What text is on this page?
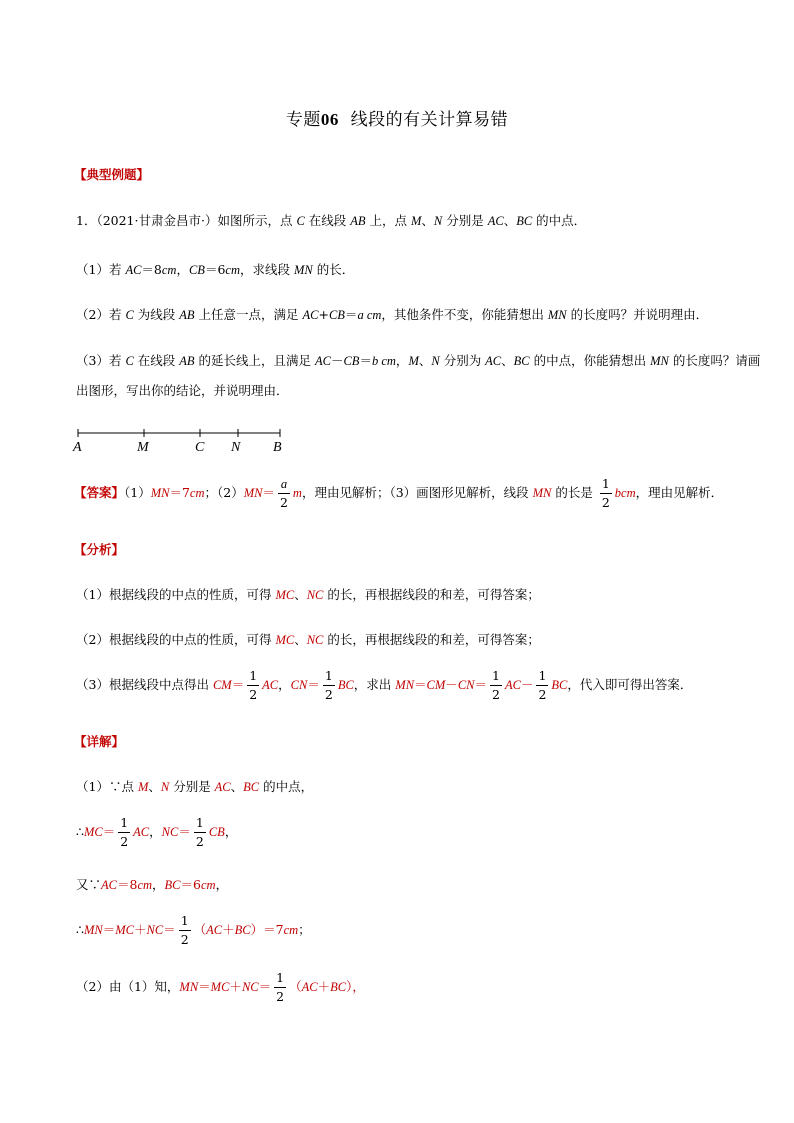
专题06 线段的有关计算易错
【典型例题】
1．（2021·甘肃金昌市·）如图所示，点 C 在线段 AB 上，点 M、N 分别是 AC、BC 的中点．
（1）若 AC＝8cm，CB＝6cm，求线段 MN 的长．
（2）若 C 为线段 AB 上任意一点，满足 AC+CB＝a cm，其他条件不变，你能猜想出 MN 的长度吗？并说明理由．
（3）若 C 在线段 AB 的延长线上，且满足 AC－CB＝b cm，M、N 分别为 AC、BC 的中点，你能猜想出 MN 的长度吗？请画
出图形，写出你的结论，并说明理由．
A	M	C N B
【答案】（1）MN＝7cm；$(2)MN= \frac{a}{2}$ m，理由见解析；（3）画图形见解析，线段 MN 的长是 $\frac{1}{2}$ bcm，理由见解析．
【分析】
（1）根据线段的中点的性质，可得 MC、NC 的长，再根据线段的和差，可得答案；
（2）根据线段的中点的性质，可得 MC、NC 的长，再根据线段的和差，可得答案；
（3）根据线段中点得出 $CM= \frac{1}{2}$ AC，$CN= \frac{1}{2}$ BC，求出 $MN=CM-CN= \frac{1}{2} AC- \frac{1}{2}$ BC，代入即可得出答案．
【详解】
（1）∵点 M、N 分别是 AC、BC 的中点，
∴MC＝ $\frac{1}{2}$ AC，$NC= \frac{1}{2}$ CB，
又∵AC＝8cm，BC＝6cm，
∴MN＝MC＋NC＝ $\frac{1}{2} (AC+BC)=7cm$；
（2）由（1）知，$MN=MC+NC= \frac{1}{2} (AC+BC)$，
